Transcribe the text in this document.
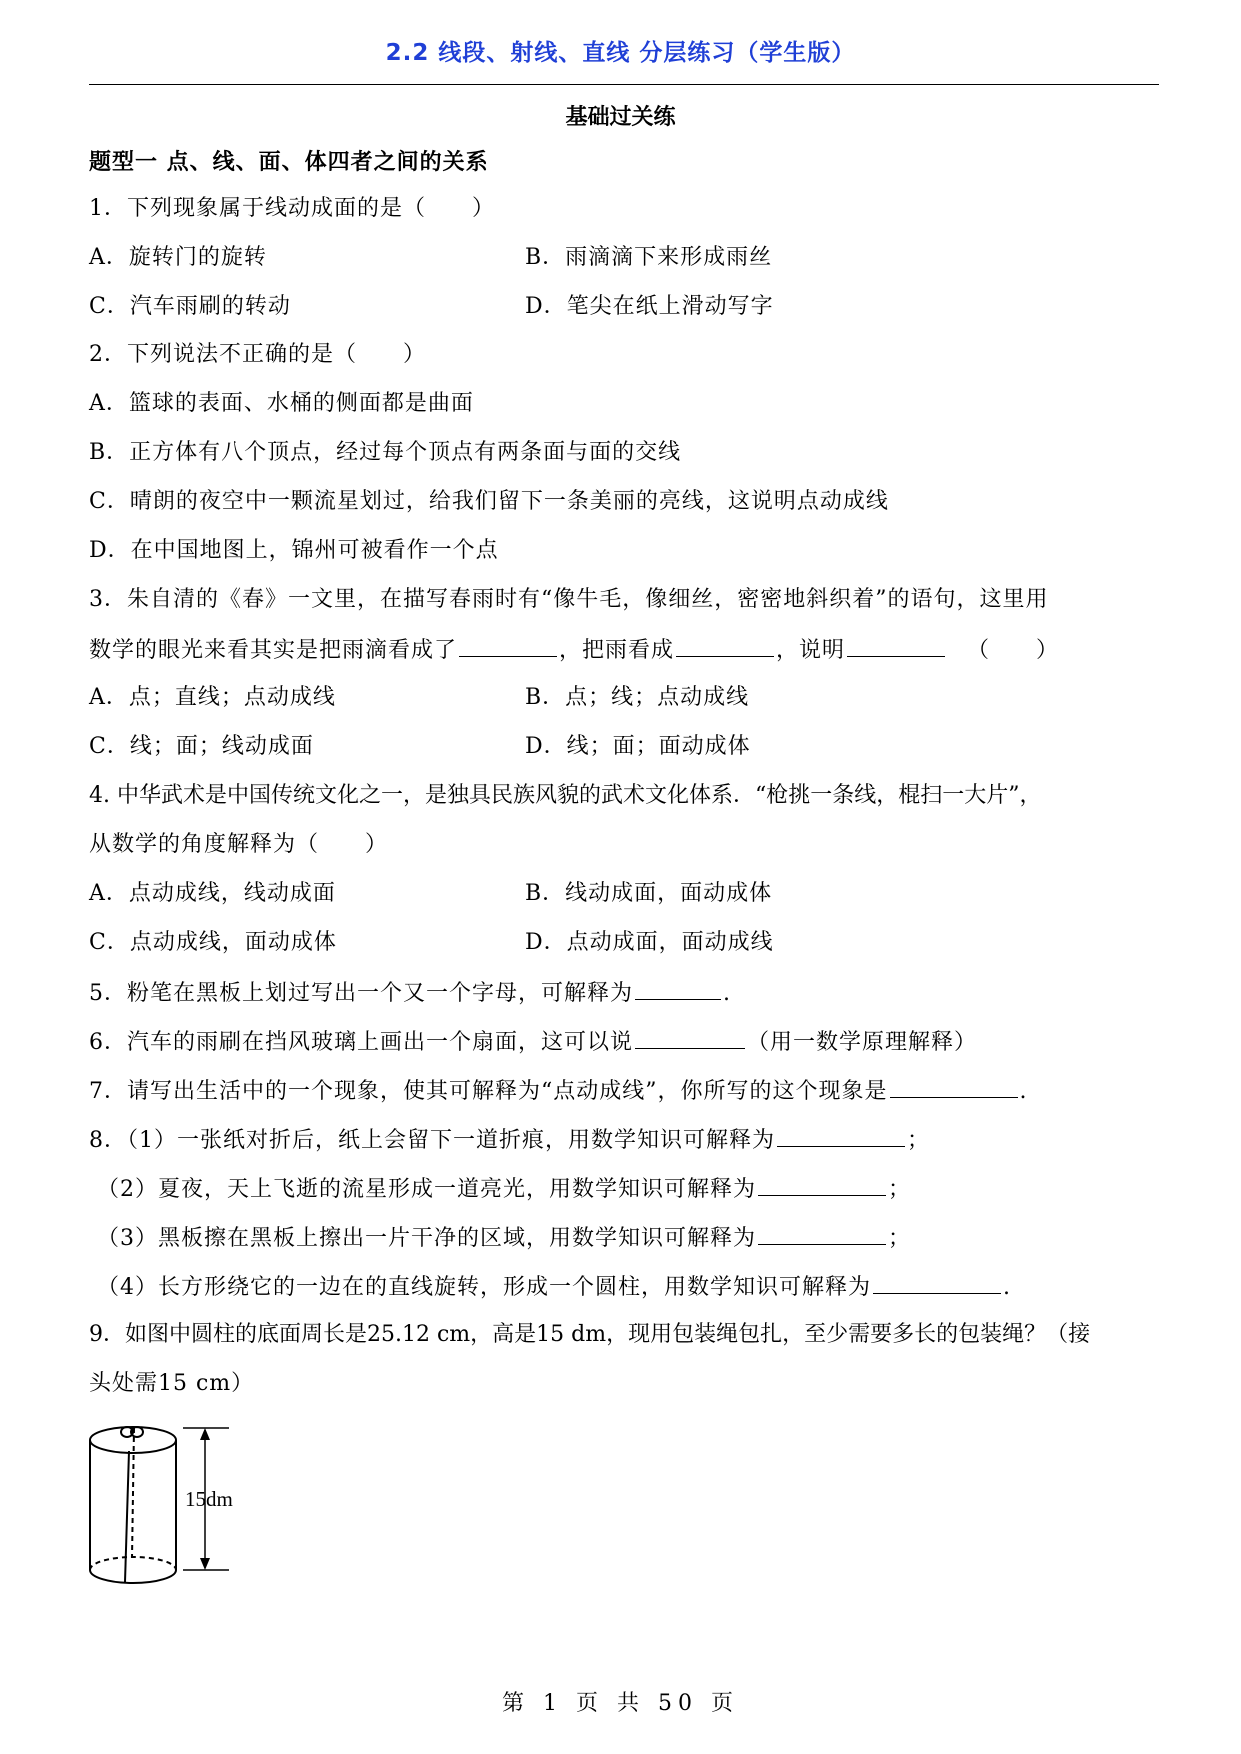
2.2 线段、射线、直线 分层练习（学生版）
基础过关练
题型一 点、线、面、体四者之间的关系
1．下列现象属于线动成面的是（　　）
A．旋转门的旋转	B．雨滴滴下来形成雨丝
C．汽车雨刷的转动	D．笔尖在纸上滑动写字
2．下列说法不正确的是（　　）
A．篮球的表面、水桶的侧面都是曲面
B．正方体有八个顶点，经过每个顶点有两条面与面的交线
C．晴朗的夜空中一颗流星划过，给我们留下一条美丽的亮线，这说明点动成线
D．在中国地图上，锦州可被看作一个点
3．朱自清的《春》一文里，在描写春雨时有“像牛毛，像细丝，密密地斜织着”的语句，这里用
数学的眼光来看其实是把雨滴看成了	，把雨看成	，说明	（　　）
A．点；直线；点动成线	B．点；线；点动成线
C．线；面；线动成面	D．线；面；面动成体
4. 中华武术是中国传统文化之一，是独具民族风貌的武术文化体系．“枪挑一条线，棍扫一大片”，
从数学的角度解释为（　　）
A．点动成线，线动成面	B．线动成面，面动成体
C．点动成线，面动成体	D．点动成面，面动成线
5．粉笔在黑板上划过写出一个又一个字母，可解释为	.
6．汽车的雨刷在挡风玻璃上画出一个扇面，这可以说	（用一数学原理解释）
7．请写出生活中的一个现象，使其可解释为“点动成线”，你所写的这个现象是	.
8．（1）一张纸对折后，纸上会留下一道折痕，用数学知识可解释为	；
（2）夏夜，天上飞逝的流星形成一道亮光，用数学知识可解释为	；
（3）黑板擦在黑板上擦出一片干净的区域，用数学知识可解释为	；
（4）长方形绕它的一边在的直线旋转，形成一个圆柱，用数学知识可解释为	.
9．如图中圆柱的底面周长是25.12 cm，高是15 dm，现用包装绳包扎，至少需要多长的包装绳？（接
头处需15 cm）
15dm
第 1 页 共 50 页
